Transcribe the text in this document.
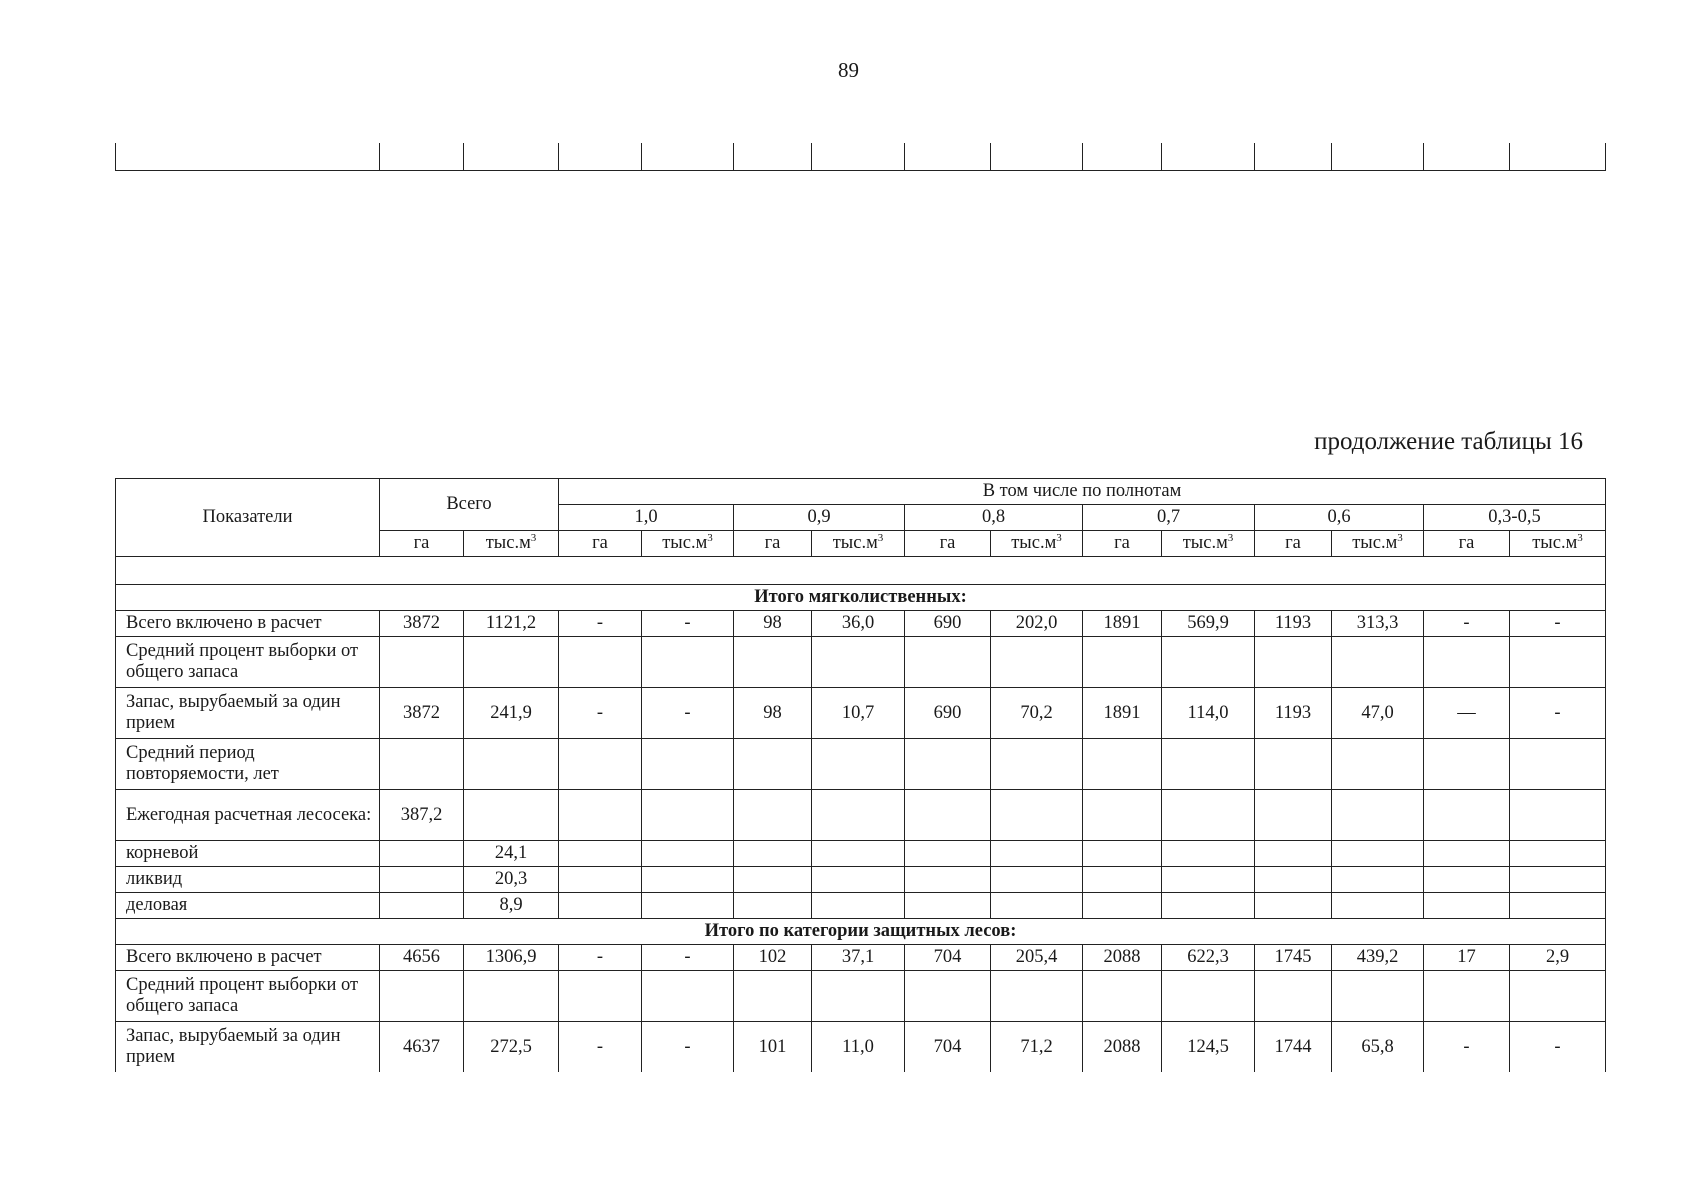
89

продолжение таблицы 16
Показатели	Всего		В том числе по полнотам											
			1,0		0,9		0,8		0,7		0,6		0,3-0,5	
	га	$тыс.м^3$	га	$тыс.м^3$	га	$тыс.м^3$	га	$тыс.м^3$	га	$тыс.м^3$	га	$тыс.м^3$	га	$тыс.м^3$

Итого мягколиственных:														
Всего включено в расчет	3872	1121,2	-	-	98	36,0	690	202,0	1891	569,9	1193	313,3	-	-
Средний процент выборки от общего запаса														
Запас, вырубаемый за один прием	3872	241,9	-	-	98	10,7	690	70,2	1891	114,0	1193	47,0	—	-
Средний период повторяемости, лет														
Ежегодная расчетная лесосека:	387,2													
корневой		24,1												
ликвид		20,3												
деловая		8,9												
Итого по категории защитных лесов:														
Всего включено в расчет	4656	1306,9	-	-	102	37,1	704	205,4	2088	622,3	1745	439,2	17	2,9
Средний процент выборки от общего запаса														
Запас, вырубаемый за один прием	4637	272,5	-	-	101	11,0	704	71,2	2088	124,5	1744	65,8	-	-
